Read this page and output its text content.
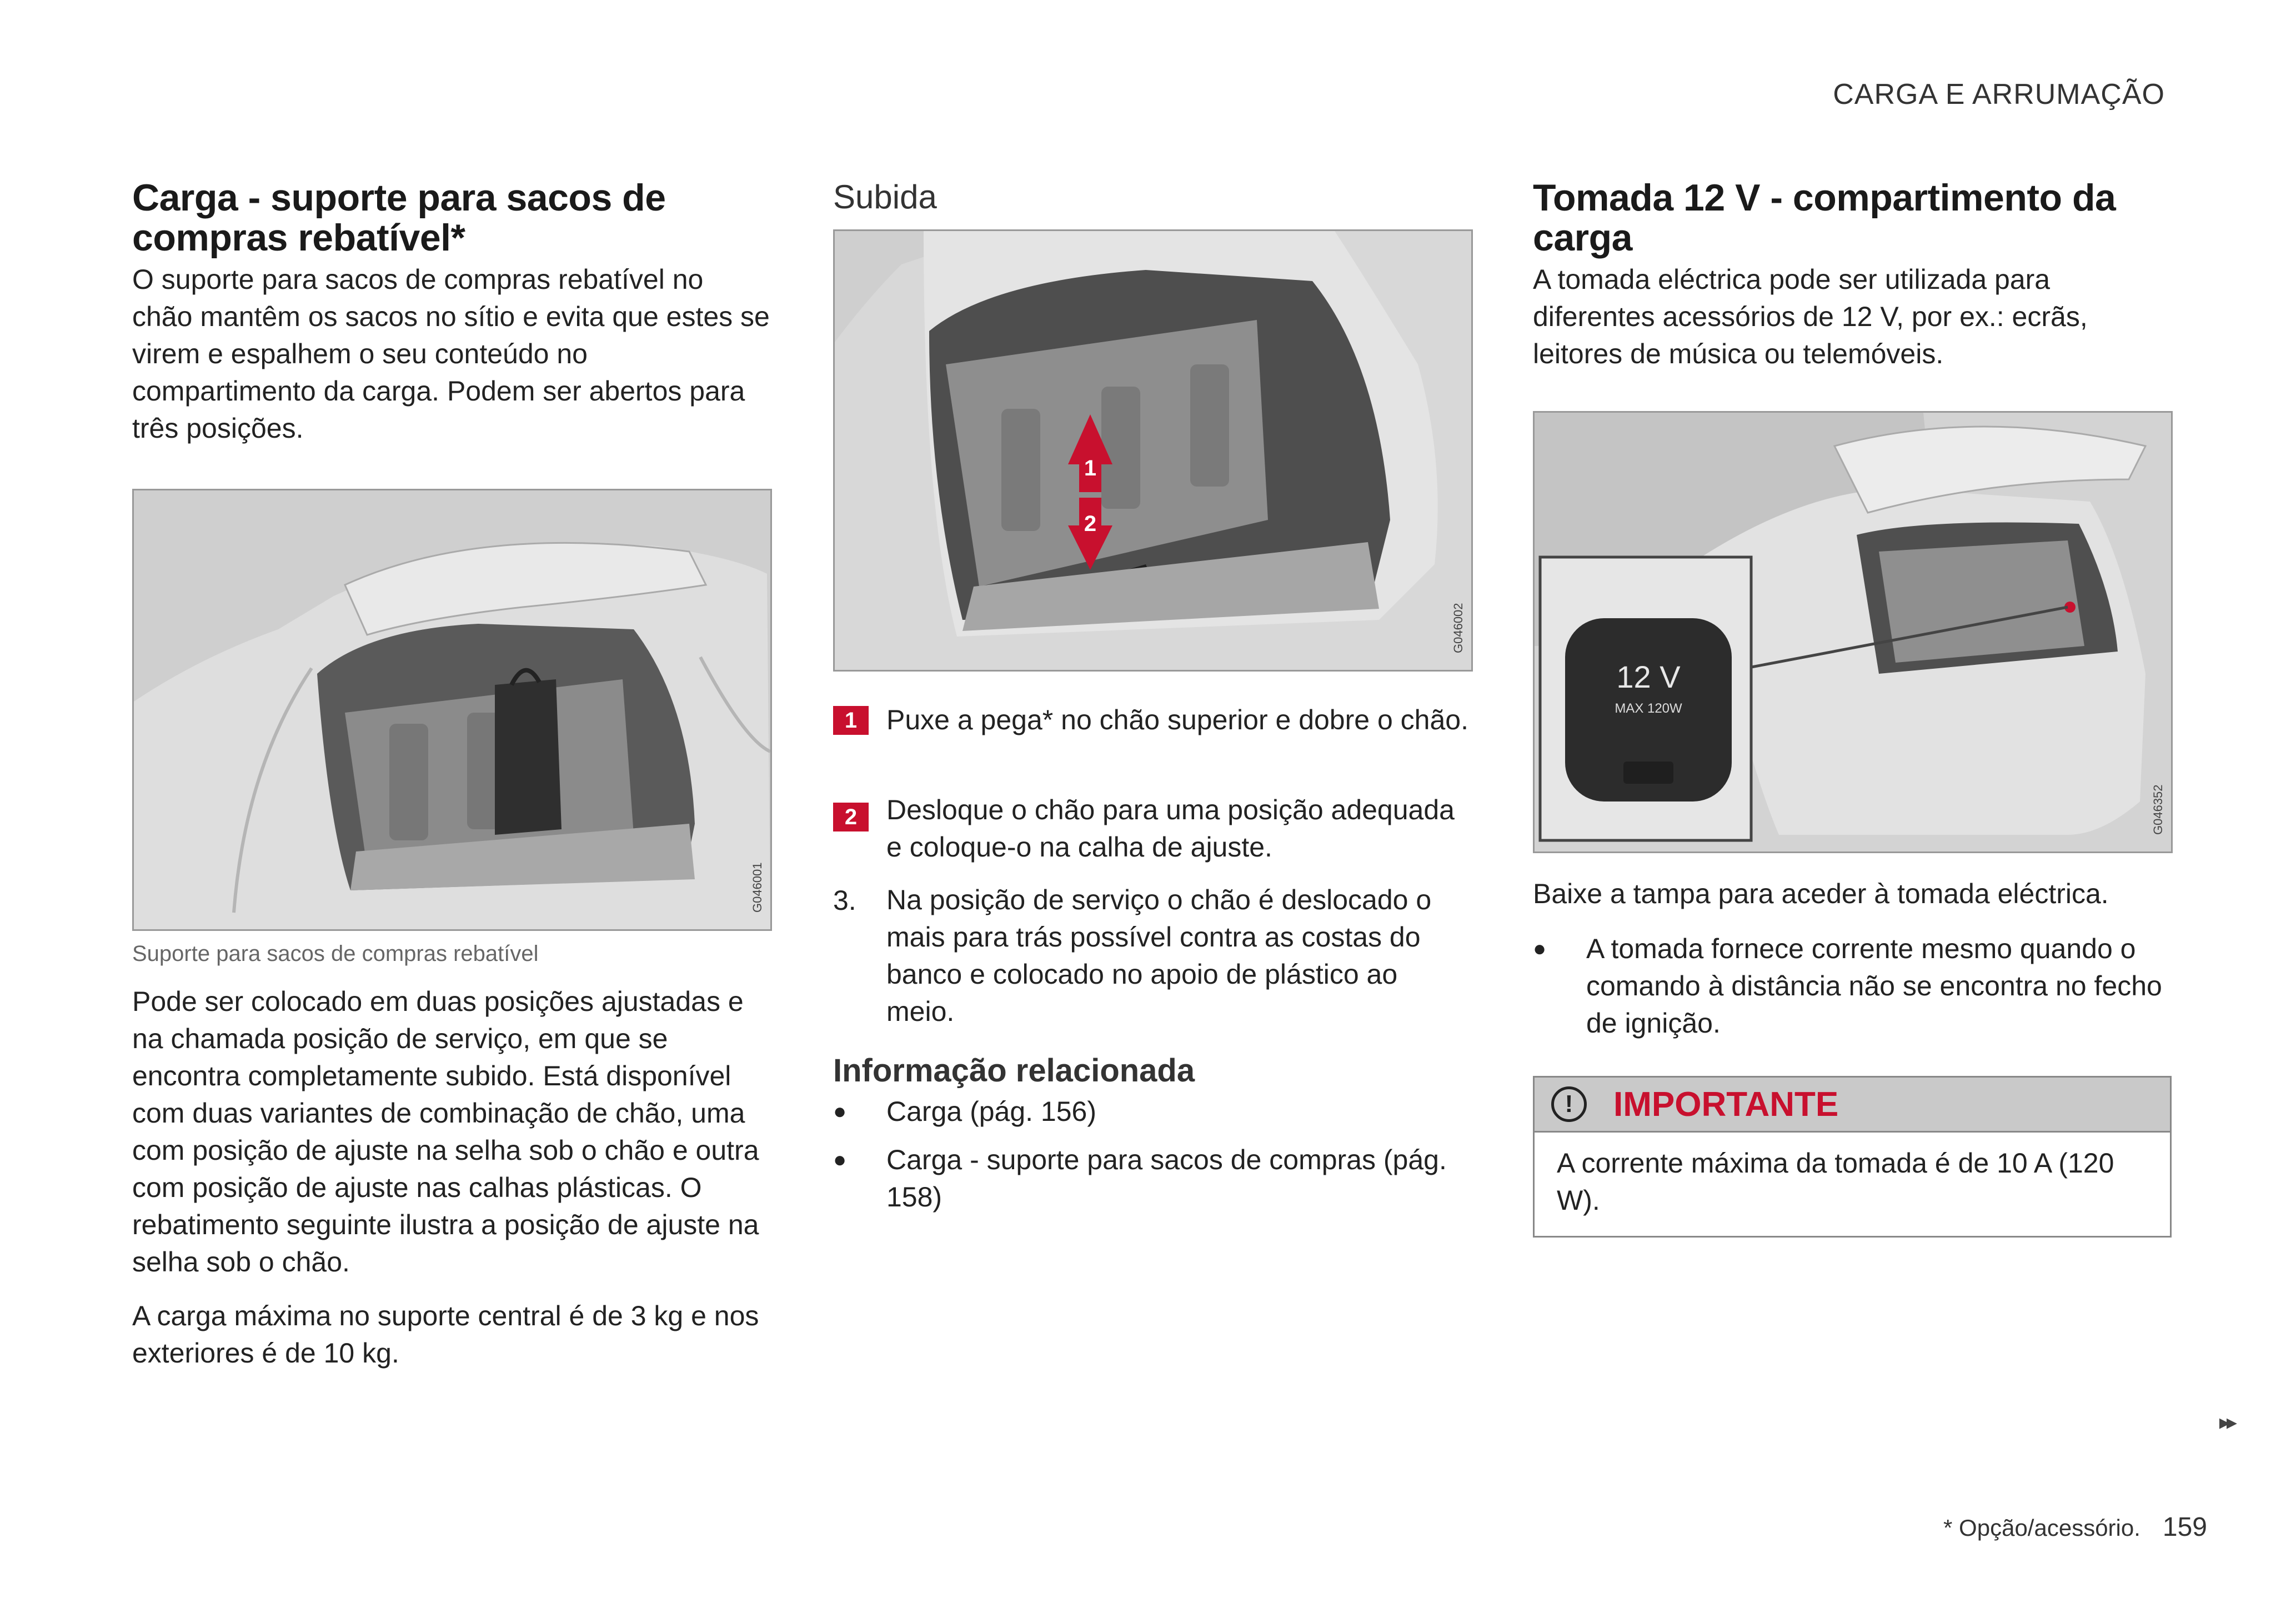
CARGA E ARRUMAÇÃO
Carga - suporte para sacos de compras rebatível*

O suporte para sacos de compras rebatível no chão mantêm os sacos no sítio e evita que estes se virem e espalhem o seu conteúdo no compartimento da carga. Podem ser abertos para três posições.

G046001
Suporte para sacos de compras rebatível

Pode ser colocado em duas posições ajustadas e na chamada posição de serviço, em que se encontra completamente subido. Está disponível com duas variantes de combinação de chão, uma com posição de ajuste na selha sob o chão e outra com posição de ajuste nas calhas plásticas. O rebatimento seguinte ilustra a posição de ajuste na selha sob o chão.

A carga máxima no suporte central é de 3 kg e nos exteriores é de 10 kg.

Subida
1
2
G046002
1	Puxe a pega* no chão superior e dobre o chão.
2	Desloque o chão para uma posição adequada e coloque-o na calha de ajuste.
3.	Na posição de serviço o chão é deslocado o mais para trás possível contra as costas do banco e colocado no apoio de plástico ao meio.
Informação relacionada
●	Carga (pág. 156)
●	Carga - suporte para sacos de compras (pág. 158)
Tomada 12 V - compartimento da carga

A tomada eléctrica pode ser utilizada para diferentes acessórios de 12 V, por ex.: ecrãs, leitores de música ou telemóveis.

12 V
MAX 120W
G046352

Baixe a tampa para aceder à tomada eléctrica.

●	A tomada fornece corrente mesmo quando o comando à distância não se encontra no fecho de ignição.
!	IMPORTANTE
A corrente máxima da tomada é de 10 A (120 W).
▸▸
* Opção/acessório. 159
